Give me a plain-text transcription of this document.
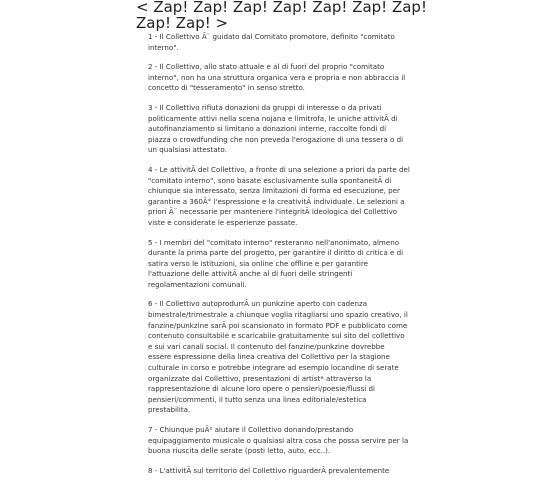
< Zap! Zap! Zap! Zap! Zap! Zap! Zap! Zap! Zap! >

1 - Il Collettivo Ã¨ guidato dal Comitato promotore, definito "comitato interno".

2 - Il Collettivo, allo stato attuale e al di fuori del proprio "comitato interno", non ha una struttura organica vera e propria e non abbraccia il concetto di "tesseramento" in senso stretto.

3 - Il Collettivo rifiuta donazioni da gruppi di interesse o da privati politicamente attivi nella scena nojana e limitrofa, le uniche attivitÃ di autofinanziamento si limitano a donazioni interne, raccolte fondi di piazza o crowdfunding che non preveda l'erogazione di una tessera o di un qualsiasi attestato.

4 - Le attivitÃ del Collettivo, a fronte di una selezione a priori da parte del "comitato interno", sono basate esclusivamente sulla spontaneitÃ di chiunque sia interessato, senza limitazioni di forma ed esecuzione, per garantire a 360Â° l'espressione e la creativitÃ individuale. Le selezioni a priori Ã¨ necessarie per mantenere l'integritÃ ideologica del Collettivo viste e considerate le esperienze passate.

5 - I membri del "comitato interno" resteranno nell'anonimato, almeno durante la prima parte del progetto, per garantire il diritto di critica e di satira verso le istituzioni, sia online che offline e per garantire l'attuazione delle attivitÃ anche al di fuori delle stringenti regolamentazioni comunali.

6 - Il Collettivo autoprodurrÃ un punkzine aperto con cadenza bimestrale/trimestrale a chiunque voglia ritagliarsi uno spazio creativo, il fanzine/punkzine sarÃ poi scansionato in formato PDF e pubblicato come contenuto consultabile e scaricabile gratuitamente sul sito del collettivo e sui vari canali social. Il contenuto del fanzine/punkzine dovrebbe essere espressione della linea creativa del Collettivo per la stagione culturale in corso e potrebbe integrare ad esempio locandine di serate organizzate dal Collettivo, presentazioni di artist* attraverso la rappresentazione di alcune loro opere o pensieri/poesie/flussi di pensieri/commenti, il tutto senza una linea editoriale/estetica prestabilita.

7 - Chiunque puÃ² aiutare il Collettivo donando/prestando equipaggiamento musicale o qualsiasi altra cosa che possa servire per la buona riuscita delle serate (posti letto, auto, ecc..).

8 - L'attivitÃ sul territorio del Collettivo riguarderÃ prevalentemente
